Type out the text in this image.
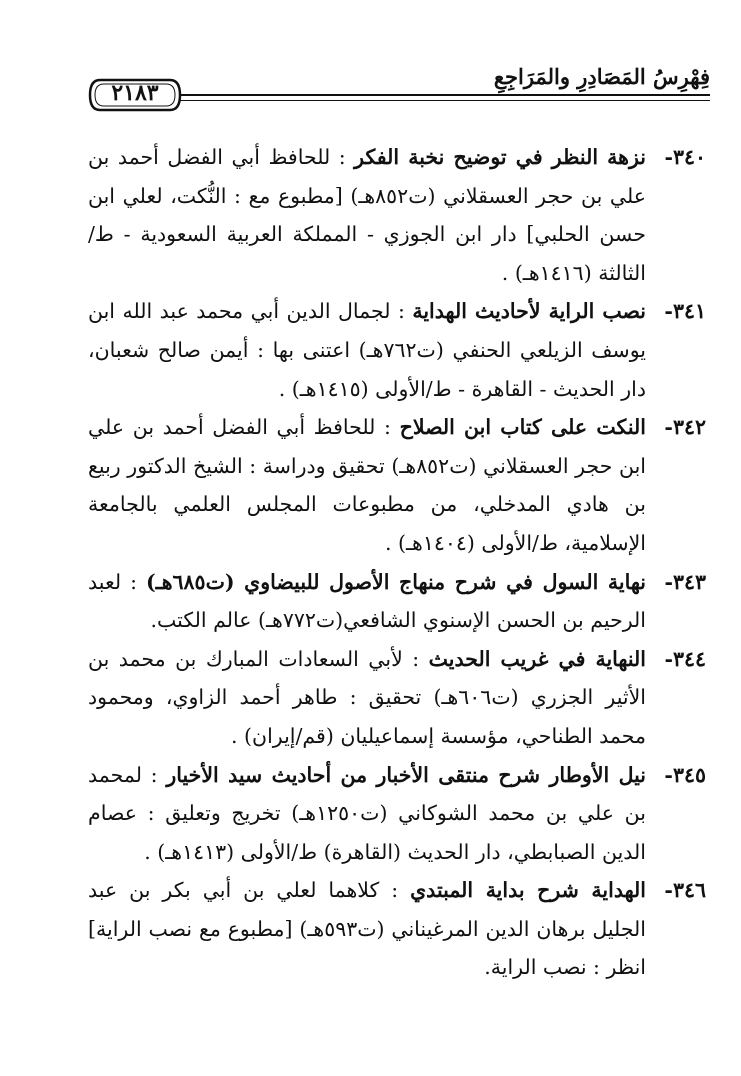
فِهْرِسُ المَصَادِرِ والمَرَاجِعِ
٢١٨٣

٣٤٠-نزهة النظر في توضيح نخبة الفكر : للحافظ أبي الفضل أحمد بن علي بن حجر العسقلاني (ت٨٥٢هـ) [مطبوع مع : النُّكت، لعلي ابن حسن الحلبي] دار ابن الجوزي - المملكة العربية السعودية - ط/الثالثة (١٤١٦هـ) .

٣٤١-نصب الراية لأحاديث الهداية : لجمال الدين أبي محمد عبد الله ابن يوسف الزيلعي الحنفي (ت٧٦٢هـ) اعتنى بها : أيمن صالح شعبان، دار الحديث - القاهرة - ط/الأولى (١٤١٥هـ) .

٣٤٢-النكت على كتاب ابن الصلاح : للحافظ أبي الفضل أحمد بن علي ابن حجر العسقلاني (ت٨٥٢هـ) تحقيق ودراسة : الشيخ الدكتور ربيع بن هادي المدخلي، من مطبوعات المجلس العلمي بالجامعة الإسلامية، ط/الأولى (١٤٠٤هـ) .

٣٤٣-نهاية السول في شرح منهاج الأصول للبيضاوي (ت٦٨٥هـ) : لعبد الرحيم بن الحسن الإسنوي الشافعي(ت٧٧٢هـ) عالم الكتب.

٣٤٤-النهاية في غريب الحديث : لأبي السعادات المبارك بن محمد بن الأثير الجزري (ت٦٠٦هـ) تحقيق : طاهر أحمد الزاوي، ومحمود محمد الطناحي، مؤسسة إسماعيليان (قم/إيران) .

٣٤٥-نيل الأوطار شرح منتقى الأخبار من أحاديث سيد الأخيار : لمحمد بن علي بن محمد الشوكاني (ت١٢٥٠هـ) تخريج وتعليق : عصام الدين الصبابطي، دار الحديث (القاهرة) ط/الأولى (١٤١٣هـ) .

٣٤٦-الهداية شرح بداية المبتدي : كلاهما لعلي بن أبي بكر بن عبد الجليل برهان الدين المرغيناني (ت٥٩٣هـ) [مطبوع مع نصب الراية] انظر : نصب الراية.
